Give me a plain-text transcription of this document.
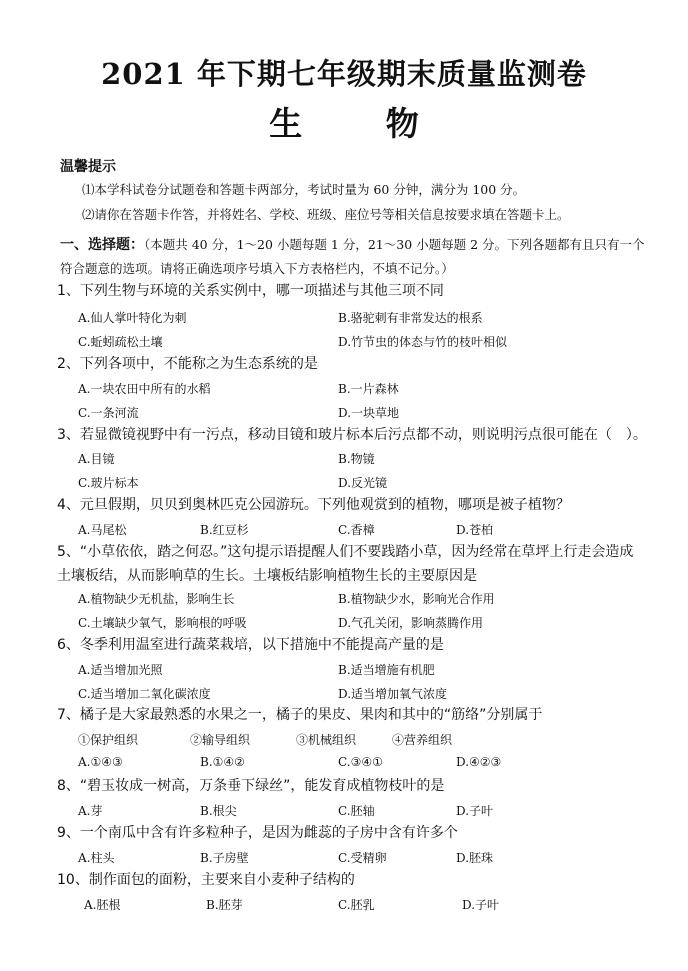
2021 年下期七年级期末质量监测卷
生 物
温馨提示
⑴本学科试卷分试题卷和答题卡两部分，考试时量为 60 分钟，满分为 100 分。
⑵请你在答题卡作答，并将姓名、学校、班级、座位号等相关信息按要求填在答题卡上。
一、选择题：（本题共 40 分，1～20 小题每题 1 分，21～30 小题每题 2 分。下列各题都有且只有一个符合题意的选项。请将正确选项序号填入下方表格栏内，不填不记分。）
1、下列生物与环境的关系实例中，哪一项描述与其他三项不同
A.仙人掌叶特化为刺	B.骆驼刺有非常发达的根系
C.蚯蚓疏松土壤	D.竹节虫的体态与竹的枝叶相似
2、下列各项中，不能称之为生态系统的是
A.一块农田中所有的水稻	B.一片森林
C.一条河流	D.一块草地
3、若显微镜视野中有一污点，移动目镜和玻片标本后污点都不动，则说明污点很可能在（　）。
A.目镜	B.物镜
C.玻片标本	D.反光镜
4、元旦假期，贝贝到奥林匹克公园游玩。下列他观赏到的植物，哪项是被子植物？
A.马尾松	B.红豆杉	C.香樟	D.苍柏
5、“小草依依，踏之何忍。”这句提示语提醒人们不要践踏小草，因为经常在草坪上行走会造成土壤板结，从而影响草的生长。土壤板结影响植物生长的主要原因是
A.植物缺少无机盐，影响生长	B.植物缺少水，影响光合作用
C.土壤缺少氧气，影响根的呼吸	D.气孔关闭，影响蒸腾作用
6、冬季利用温室进行蔬菜栽培，以下措施中不能提高产量的是
A.适当增加光照	B.适当增施有机肥
C.适当增加二氧化碳浓度	D.适当增加氧气浓度
7、橘子是大家最熟悉的水果之一，橘子的果皮、果肉和其中的“筋络”分别属于
①保护组织	②输导组织	③机械组织	④营养组织
A.①④③	B.①④②	C.③④①	D.④②③
8、“碧玉妆成一树高，万条垂下绿丝”，能发育成植物枝叶的是
A.芽	B.根尖	C.胚轴	D.子叶
9、一个南瓜中含有许多粒种子，是因为雌蕊的子房中含有许多个
A.柱头	B.子房壁	C.受精卵	D.胚珠
10、制作面包的面粉，主要来自小麦种子结构的
A.胚根	B.胚芽	C.胚乳	D.子叶
